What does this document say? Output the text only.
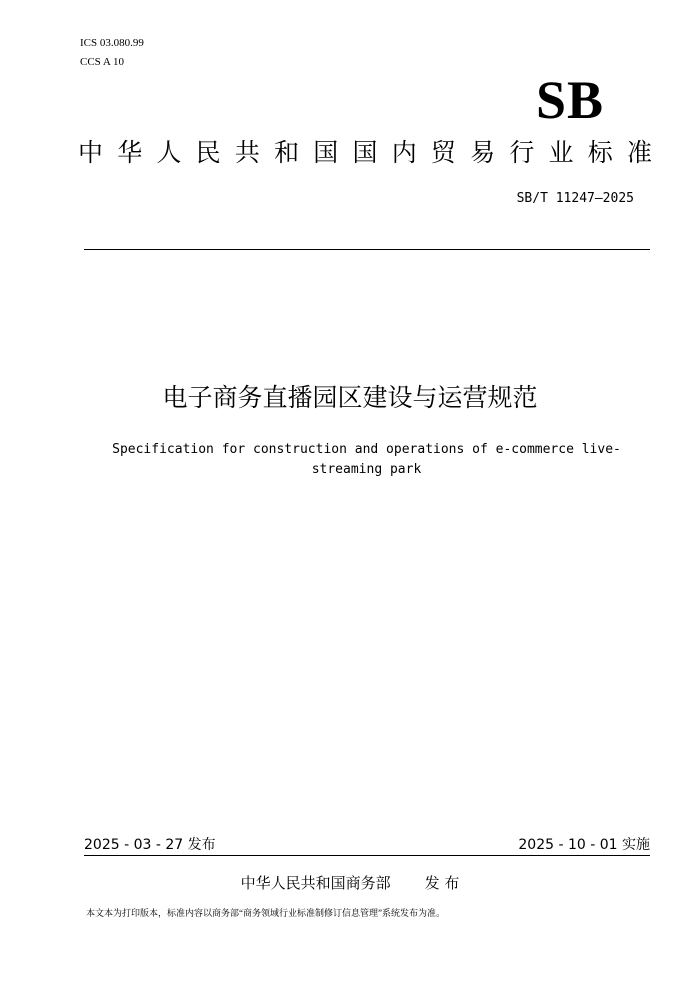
ICS 03.080.99
CCS A 10
SB
中华人民共和国国内贸易行业标准
SB/T 11247—2025
电子商务直播园区建设与运营规范
Specification for construction and operations of e-commerce live-streaming park
2025 - 03 - 27 发布	2025 - 10 - 01 实施
中华人民共和国商务部 发 布
本文本为打印版本，标准内容以商务部“商务领域行业标准制修订信息管理”系统发布为准。
